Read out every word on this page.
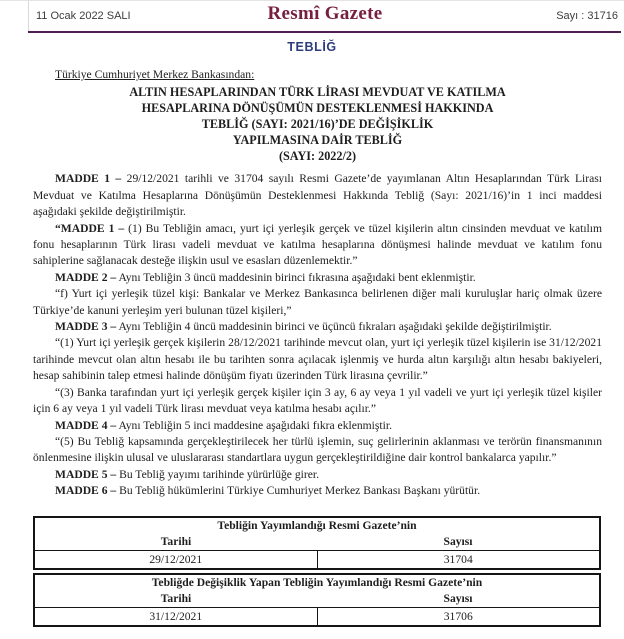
11 Ocak 2022 SALI	Resmî Gazete	Sayı : 31716
TEBLİĞ
Türkiye Cumhuriyet Merkez Bankasından:
ALTIN HESAPLARINDAN TÜRK LİRASI MEVDUAT VE KATILMA
HESAPLARINA DÖNÜŞÜMÜN DESTEKLENMESİ HAKKINDA
TEBLİĞ (SAYI: 2021/16)’DE DEĞİŞİKLİK
YAPILMASINA DAİR TEBLİĞ
(SAYI: 2022/2)

MADDE 1 – 29/12/2021 tarihli ve 31704 sayılı Resmi Gazete’de yayımlanan Altın Hesaplarından Türk Lirası Mevduat ve Katılma Hesaplarına Dönüşümün Desteklenmesi Hakkında Tebliğ (Sayı: 2021/16)’in 1 inci maddesi aşağıdaki şekilde değiştirilmiştir.

“MADDE 1 – (1) Bu Tebliğin amacı, yurt içi yerleşik gerçek ve tüzel kişilerin altın cinsinden mevduat ve katılım fonu hesaplarının Türk lirası vadeli mevduat ve katılma hesaplarına dönüşmesi halinde mevduat ve katılım fonu sahiplerine sağlanacak desteğe ilişkin usul ve esasları düzenlemektir.”

MADDE 2 – Aynı Tebliğin 3 üncü maddesinin birinci fıkrasına aşağıdaki bent eklenmiştir.

“f) Yurt içi yerleşik tüzel kişi: Bankalar ve Merkez Bankasınca belirlenen diğer mali kuruluşlar hariç olmak üzere Türkiye’de kanuni yerleşim yeri bulunan tüzel kişileri,”

MADDE 3 – Aynı Tebliğin 4 üncü maddesinin birinci ve üçüncü fıkraları aşağıdaki şekilde değiştirilmiştir.

“(1) Yurt içi yerleşik gerçek kişilerin 28/12/2021 tarihinde mevcut olan, yurt içi yerleşik tüzel kişilerin ise 31/12/2021 tarihinde mevcut olan altın hesabı ile bu tarihten sonra açılacak işlenmiş ve hurda altın karşılığı altın hesabı bakiyeleri, hesap sahibinin talep etmesi halinde dönüşüm fiyatı üzerinden Türk lirasına çevrilir.”

“(3) Banka tarafından yurt içi yerleşik gerçek kişiler için 3 ay, 6 ay veya 1 yıl vadeli ve yurt içi yerleşik tüzel kişiler için 6 ay veya 1 yıl vadeli Türk lirası mevduat veya katılma hesabı açılır.”

MADDE 4 – Aynı Tebliğin 5 inci maddesine aşağıdaki fıkra eklenmiştir.

“(5) Bu Tebliğ kapsamında gerçekleştirilecek her türlü işlemin, suç gelirlerinin aklanması ve terörün finansmanının önlenmesine ilişkin ulusal ve uluslararası standartlara uygun gerçekleştirildiğine dair kontrol bankalarca yapılır.”

MADDE 5 – Bu Tebliğ yayımı tarihinde yürürlüğe girer.

MADDE 6 – Bu Tebliğ hükümlerini Türkiye Cumhuriyet Merkez Bankası Başkanı yürütür.

Tebliğin Yayımlandığı Resmi Gazete’nin	
Tarihi	Sayısı
29/12/2021	31704
Tebliğde Değişiklik Yapan Tebliğin Yayımlandığı Resmi Gazete’nin	
Tarihi	Sayısı
31/12/2021	31706
